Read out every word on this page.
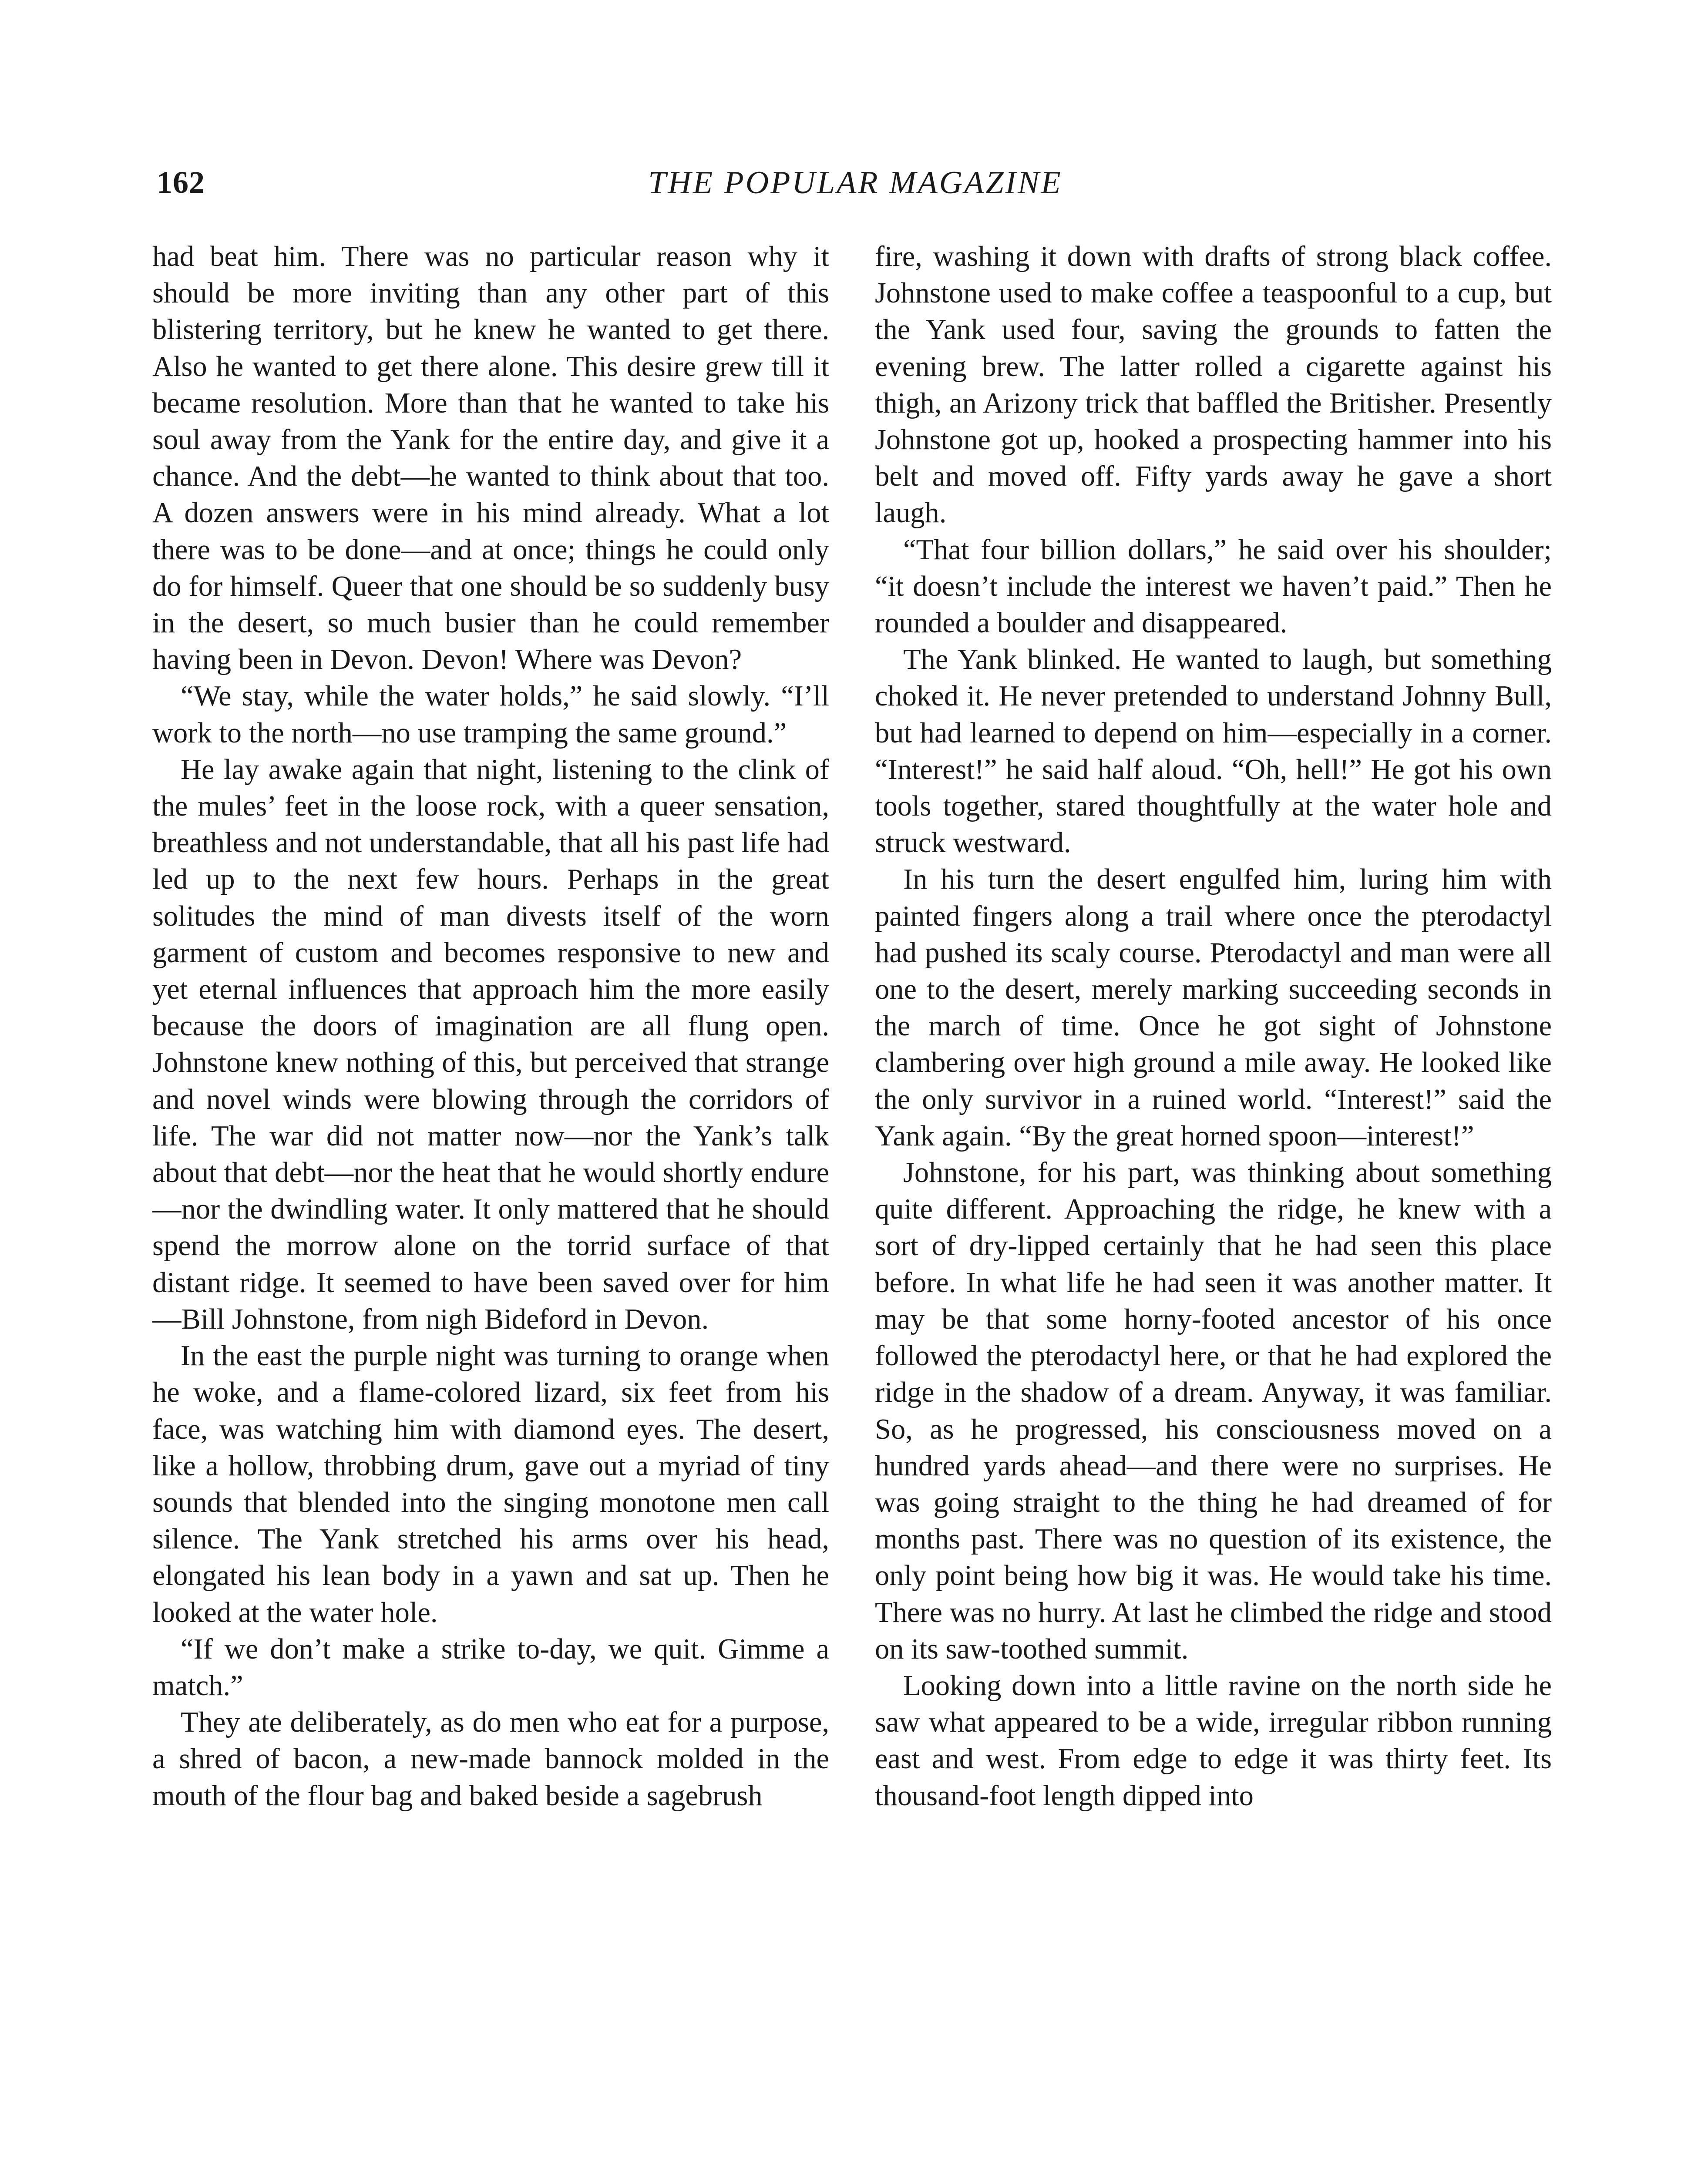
162	THE POPULAR MAGAZINE

had beat him. There was no particular reason why it should be more inviting than any other part of this blistering territory, but he knew he wanted to get there. Also he wanted to get there alone. This desire grew till it became resolution. More than that he wanted to take his soul away from the Yank for the entire day, and give it a chance. And the debt—he wanted to think about that too. A dozen answers were in his mind already. What a lot there was to be done—and at once; things he could only do for himself. Queer that one should be so suddenly busy in the desert, so much busier than he could remember having been in Devon. Devon! Where was Devon?

“We stay, while the water holds,” he said slowly. “I’ll work to the north—no use tramping the same ground.”

He lay awake again that night, listening to the clink of the mules’ feet in the loose rock, with a queer sensation, breathless and not understandable, that all his past life had led up to the next few hours. Perhaps in the great solitudes the mind of man divests itself of the worn garment of custom and becomes responsive to new and yet eternal influences that approach him the more easily because the doors of imagination are all flung open. Johnstone knew nothing of this, but perceived that strange and novel winds were blowing through the corridors of life. The war did not matter now—nor the Yank’s talk about that debt—nor the heat that he would shortly endure—nor the dwindling water. It only mattered that he should spend the morrow alone on the torrid surface of that distant ridge. It seemed to have been saved over for him—Bill Johnstone, from nigh Bideford in Devon.

In the east the purple night was turning to orange when he woke, and a flame-colored lizard, six feet from his face, was watching him with diamond eyes. The desert, like a hollow, throbbing drum, gave out a myriad of tiny sounds that blended into the singing monotone men call silence. The Yank stretched his arms over his head, elongated his lean body in a yawn and sat up. Then he looked at the water hole.

“If we don’t make a strike to-day, we quit. Gimme a match.”

They ate deliberately, as do men who eat for a purpose, a shred of bacon, a new-made bannock molded in the mouth of the flour bag and baked beside a sagebrush

fire, washing it down with drafts of strong black coffee. Johnstone used to make coffee a teaspoonful to a cup, but the Yank used four, saving the grounds to fatten the evening brew. The latter rolled a cigarette against his thigh, an Arizony trick that baffled the Britisher. Presently Johnstone got up, hooked a prospecting hammer into his belt and moved off. Fifty yards away he gave a short laugh.

“That four billion dollars,” he said over his shoulder; “it doesn’t include the interest we haven’t paid.” Then he rounded a boulder and disappeared.

The Yank blinked. He wanted to laugh, but something choked it. He never pretended to understand Johnny Bull, but had learned to depend on him—especially in a corner. “Interest!” he said half aloud. “Oh, hell!” He got his own tools together, stared thoughtfully at the water hole and struck westward.

In his turn the desert engulfed him, luring him with painted fingers along a trail where once the pterodactyl had pushed its scaly course. Pterodactyl and man were all one to the desert, merely marking succeeding seconds in the march of time. Once he got sight of Johnstone clambering over high ground a mile away. He looked like the only survivor in a ruined world. “Interest!” said the Yank again. “By the great horned spoon—interest!”

Johnstone, for his part, was thinking about something quite different. Approaching the ridge, he knew with a sort of dry-lipped certainly that he had seen this place before. In what life he had seen it was another matter. It may be that some horny-footed ancestor of his once followed the pterodactyl here, or that he had explored the ridge in the shadow of a dream. Anyway, it was familiar. So, as he progressed, his consciousness moved on a hundred yards ahead—and there were no surprises. He was going straight to the thing he had dreamed of for months past. There was no question of its existence, the only point being how big it was. He would take his time. There was no hurry. At last he climbed the ridge and stood on its saw-toothed summit.

Looking down into a little ravine on the north side he saw what appeared to be a wide, irregular ribbon running east and west. From edge to edge it was thirty feet. Its thousand-foot length dipped into
